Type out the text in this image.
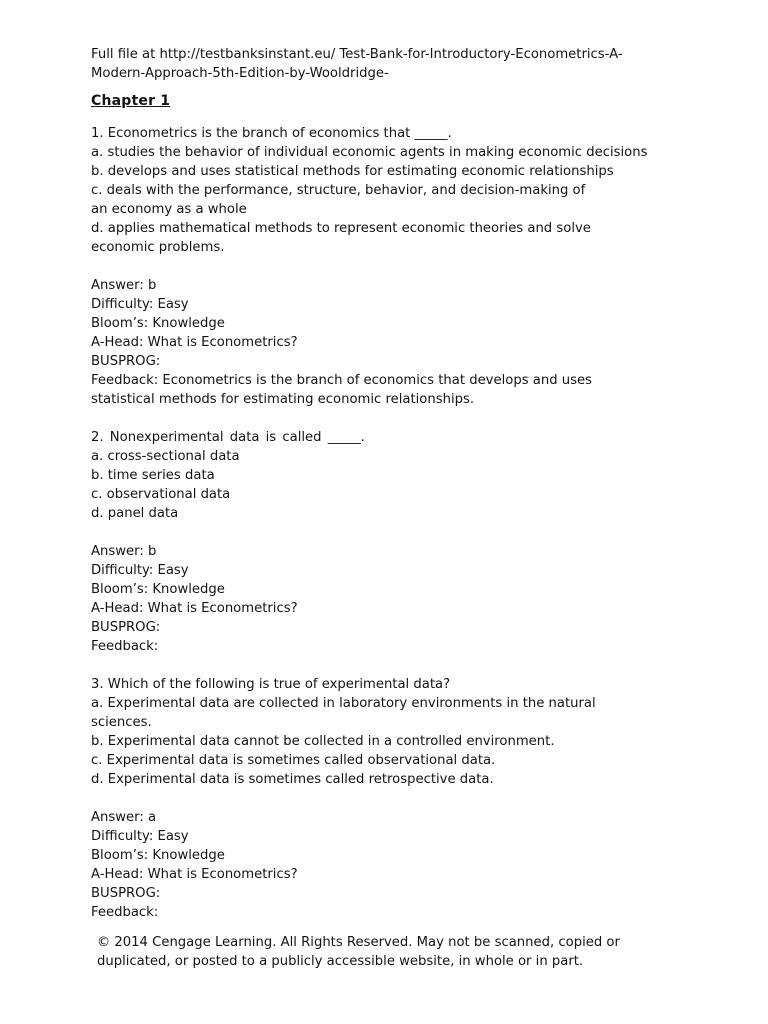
Full file at http://testbanksinstant.eu/ Test-Bank-for-Introductory-Econometrics-A-
Modern-Approach-5th-Edition-by-Wooldridge-
Chapter 1
1. Econometrics is the branch of economics that _____.
a. studies the behavior of individual economic agents in making economic decisions
b. develops and uses statistical methods for estimating economic relationships
c. deals with the performance, structure, behavior, and decision-making of
an economy as a whole
d. applies mathematical methods to represent economic theories and solve
economic problems.
Answer: b
Difficulty: Easy
Bloom’s: Knowledge
A-Head: What is Econometrics?
BUSPROG:
Feedback: Econometrics is the branch of economics that develops and uses
statistical methods for estimating economic relationships.
2. Nonexperimental data is called _____.
a. cross-sectional data
b. time series data
c. observational data
d. panel data
Answer: b
Difficulty: Easy
Bloom’s: Knowledge
A-Head: What is Econometrics?
BUSPROG:
Feedback:
3. Which of the following is true of experimental data?
a. Experimental data are collected in laboratory environments in the natural
sciences.
b. Experimental data cannot be collected in a controlled environment.
c. Experimental data is sometimes called observational data.
d. Experimental data is sometimes called retrospective data.
Answer: a
Difficulty: Easy
Bloom’s: Knowledge
A-Head: What is Econometrics?
BUSPROG:
Feedback:
© 2014 Cengage Learning. All Rights Reserved. May not be scanned, copied or
duplicated, or posted to a publicly accessible website, in whole or in part.
